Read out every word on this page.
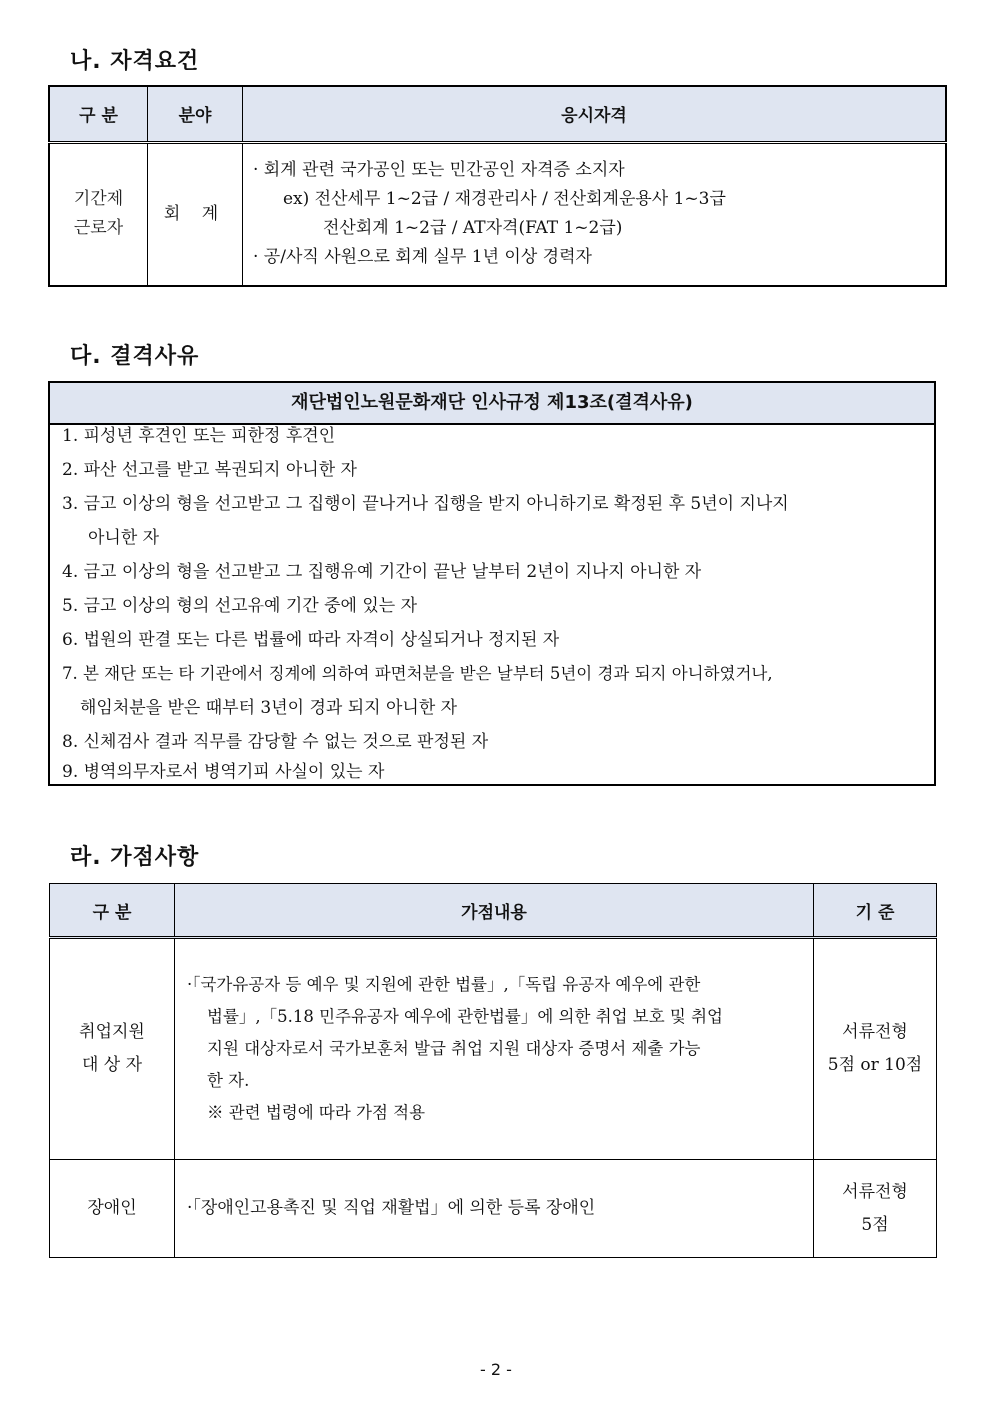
나. 자격요건
구 분	분야	응시자격

기간제
근로자	회 계	· 회계 관련 국가공인 또는 민간공인 자격증 소지자
ex) 전산세무 1~2급 / 재경관리사 / 전산회계운용사 1~3급
전산회계 1~2급 / AT자격(FAT 1~2급)
· 공/사직 사원으로 회계 실무 1년 이상 경력자
다. 결격사유
재단법인노원문화재단 인사규정 제13조(결격사유)
1. 피성년 후견인 또는 피한정 후견인
2. 파산 선고를 받고 복권되지 아니한 자
3. 금고 이상의 형을 선고받고 그 집행이 끝나거나 집행을 받지 아니하기로 확정된 후 5년이 지나지
아니한 자
4. 금고 이상의 형을 선고받고 그 집행유예 기간이 끝난 날부터 2년이 지나지 아니한 자
5. 금고 이상의 형의 선고유예 기간 중에 있는 자
6. 법원의 판결 또는 다른 법률에 따라 자격이 상실되거나 정지된 자
7. 본 재단 또는 타 기관에서 징계에 의하여 파면처분을 받은 날부터 5년이 경과 되지 아니하였거나,
해임처분을 받은 때부터 3년이 경과 되지 아니한 자
8. 신체검사 결과 직무를 감당할 수 없는 것으로 판정된 자
9. 병역의무자로서 병역기피 사실이 있는 자
라. 가점사항
구 분	가점내용	기 준

취업지원
대 상 자	·「국가유공자 등 예우 및 지원에 관한 법률」,「독립 유공자 예우에 관한
법률」,「5.18 민주유공자 예우에 관한법률」에 의한 취업 보호 및 취업
지원 대상자로서 국가보훈처 발급 취업 지원 대상자 증명서 제출 가능
한 자.
※ 관련 법령에 따라 가점 적용	서류전형
5점 or 10점

장애인	·「장애인고용촉진 및 직업 재활법」에 의한 등록 장애인	서류전형
5점
- 2 -
